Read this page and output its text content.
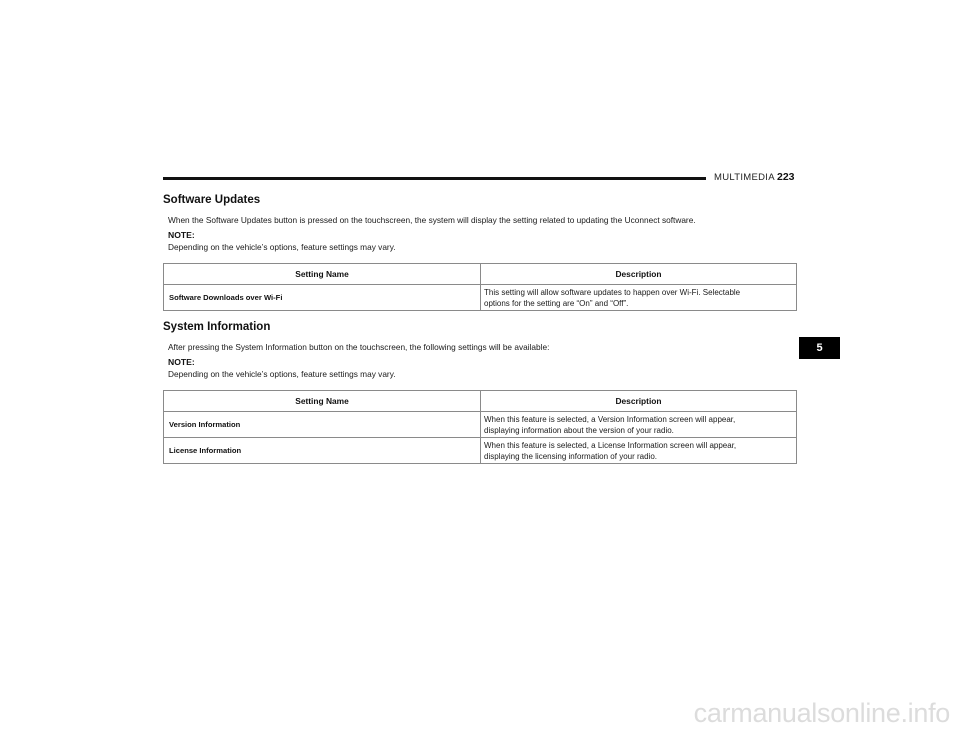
MULTIMEDIA 223
Software Updates

When the Software Updates button is pressed on the touchscreen, the system will display the setting related to updating the Uconnect software.

NOTE:

Depending on the vehicle’s options, feature settings may vary.

Setting Name	Description
Software Downloads over Wi-Fi	This setting will allow software updates to happen over Wi-Fi. Selectable
options for the setting are “On” and “Off”.
System Information

After pressing the System Information button on the touchscreen, the following settings will be available:

NOTE:

Depending on the vehicle’s options, feature settings may vary.

Setting Name	Description
Version Information	When this feature is selected, a Version Information screen will appear,
displaying information about the version of your radio.
License Information	When this feature is selected, a License Information screen will appear,
displaying the licensing information of your radio.
5
carmanualsonline.info
